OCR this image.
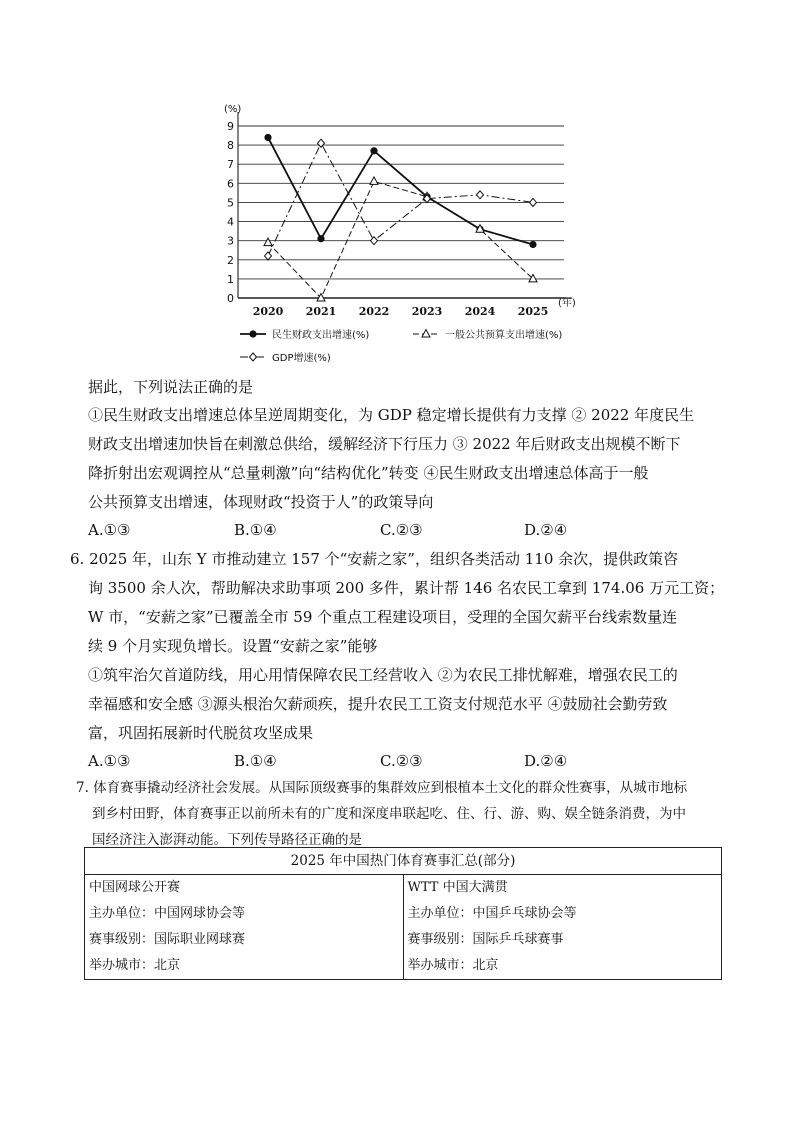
0
1
2
3
4
5
6
7
8
9
(%)
2020 2021 2022 2023 2024 2025
(年)
民生财政支出增速(%)	一般公共预算支出增速(%)
GDP增速(%)
据此，下列说法正确的是
①民生财政支出增速总体呈逆周期变化，为 GDP 稳定增长提供有力支撑 ② 2022 年度民生
财政支出增速加快旨在刺激总供给，缓解经济下行压力 ③ 2022 年后财政支出规模不断下
降折射出宏观调控从“总量刺激”向“结构优化”转变 ④民生财政支出增速总体高于一般
公共预算支出增速，体现财政“投资于人”的政策导向
A.①③	B.①④	C.②③	D.②④
6. 2025 年，山东 Y 市推动建立 157 个“安薪之家”，组织各类活动 110 余次，提供政策咨
询 3500 余人次，帮助解决求助事项 200 多件，累计帮 146 名农民工拿到 174.06 万元工资；
W 市，“安薪之家”已覆盖全市 59 个重点工程建设项目，受理的全国欠薪平台线索数量连
续 9 个月实现负增长。设置“安薪之家”能够
①筑牢治欠首道防线，用心用情保障农民工经营收入 ②为农民工排忧解难，增强农民工的
幸福感和安全感 ③源头根治欠薪顽疾，提升农民工工资支付规范水平 ④鼓励社会勤劳致
富，巩固拓展新时代脱贫攻坚成果
A.①③	B.①④	C.②③	D.②④
7. 体育赛事撬动经济社会发展。从国际顶级赛事的集群效应到根植本土文化的群众性赛事，从城市地标
到乡村田野，体育赛事正以前所未有的广度和深度串联起吃、住、行、游、购、娱全链条消费，为中
国经济注入澎湃动能。下列传导路径正确的是
2025 年中国热门体育赛事汇总(部分)

中国网球公开赛
主办单位：中国网球协会等
赛事级别：国际职业网球赛
举办城市：北京

WTT 中国大满贯
主办单位：中国乒乓球协会等
赛事级别：国际乒乓球赛事
举办城市：北京
